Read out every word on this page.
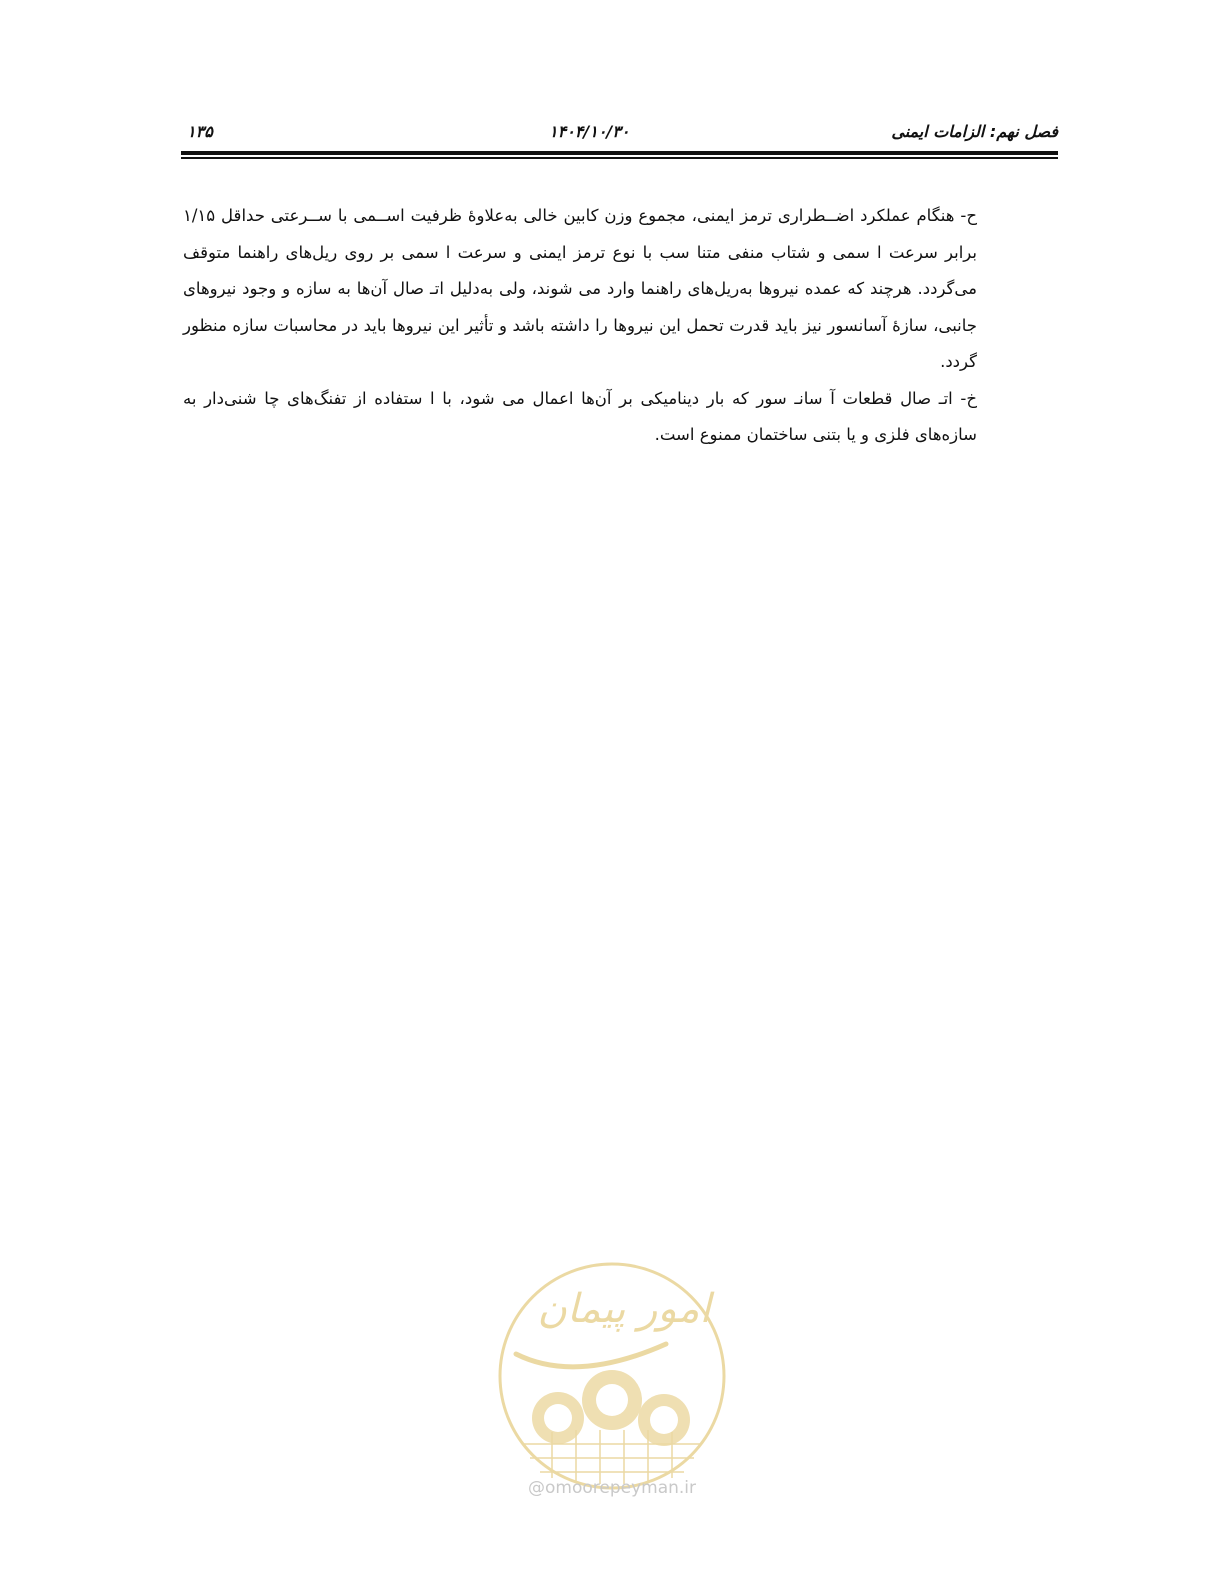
فصل نهم: الزامات ایمنی
۱۴۰۴/۱۰/۳۰
۱۳۵

ح- هنگام عملکرد اضــطراری ترمز ایمنی، مجموع وزن کابین خالی به‌علاوۀ ظرفیت اســمی با ســرعتی حداقل ۱/۱۵ برابر سرعت ا سمی و شتاب منفی متنا سب با نوع ترمز ایمنی و سرعت ا سمی بر روی ریل‌های راهنما متوقف می‌گردد. هرچند که عمده نیروها به‌ریل‌های راهنما وارد می شوند، ولی به‌دلیل اتـ صال آن‌ها به سازه و وجود نیروهای جانبی، سازۀ آسانسور نیز باید قدرت تحمل این نیروها را داشته باشد و تأثیر این نیروها باید در محاسبات سازه منظور گردد.

خ- اتـ صال قطعات آ سانـ سور که بار دینامیکی بر آن‌ها اعمال می شود، با ا ستفاده از تفنگ‌های چا شنی‌دار به سازه‌های فلزی و یا بتنی ساختمان ممنوع است.

امور پیمان
@omoorepeyman.ir
